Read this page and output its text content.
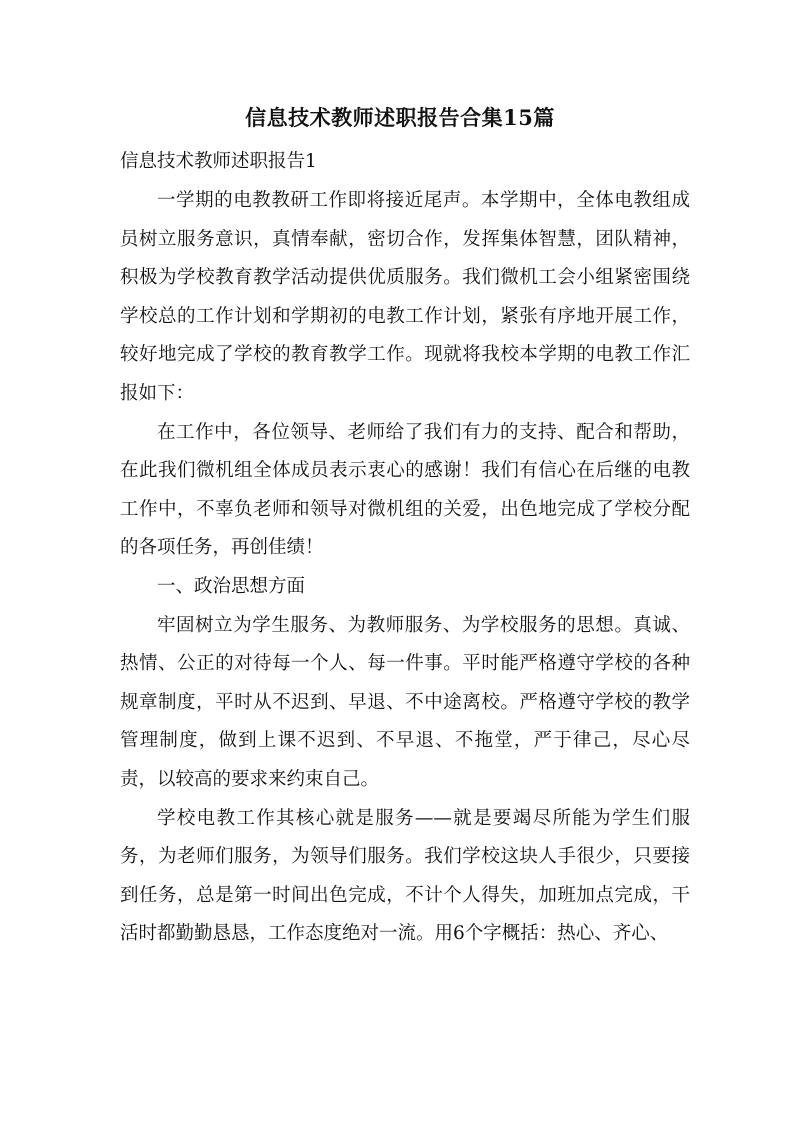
信息技术教师述职报告合集15篇
信息技术教师述职报告1

一学期的电教教研工作即将接近尾声。本学期中，全体电教组成员树立服务意识，真情奉献，密切合作，发挥集体智慧，团队精神，积极为学校教育教学活动提供优质服务。我们微机工会小组紧密围绕学校总的工作计划和学期初的电教工作计划，紧张有序地开展工作，较好地完成了学校的教育教学工作。现就将我校本学期的电教工作汇报如下：

在工作中，各位领导、老师给了我们有力的支持、配合和帮助，在此我们微机组全体成员表示衷心的感谢！我们有信心在后继的电教工作中，不辜负老师和领导对微机组的关爱，出色地完成了学校分配的各项任务，再创佳绩！

一、政治思想方面

牢固树立为学生服务、为教师服务、为学校服务的思想。真诚、热情、公正的对待每一个人、每一件事。平时能严格遵守学校的各种规章制度，平时从不迟到、早退、不中途离校。严格遵守学校的教学管理制度，做到上课不迟到、不早退、不拖堂，严于律己，尽心尽责，以较高的要求来约束自己。

学校电教工作其核心就是服务——就是要竭尽所能为学生们服务，为老师们服务，为领导们服务。我们学校这块人手很少，只要接到任务，总是第一时间出色完成，不计个人得失，加班加点完成，干活时都勤勤恳恳，工作态度绝对一流。用6个字概括：热心、齐心、
